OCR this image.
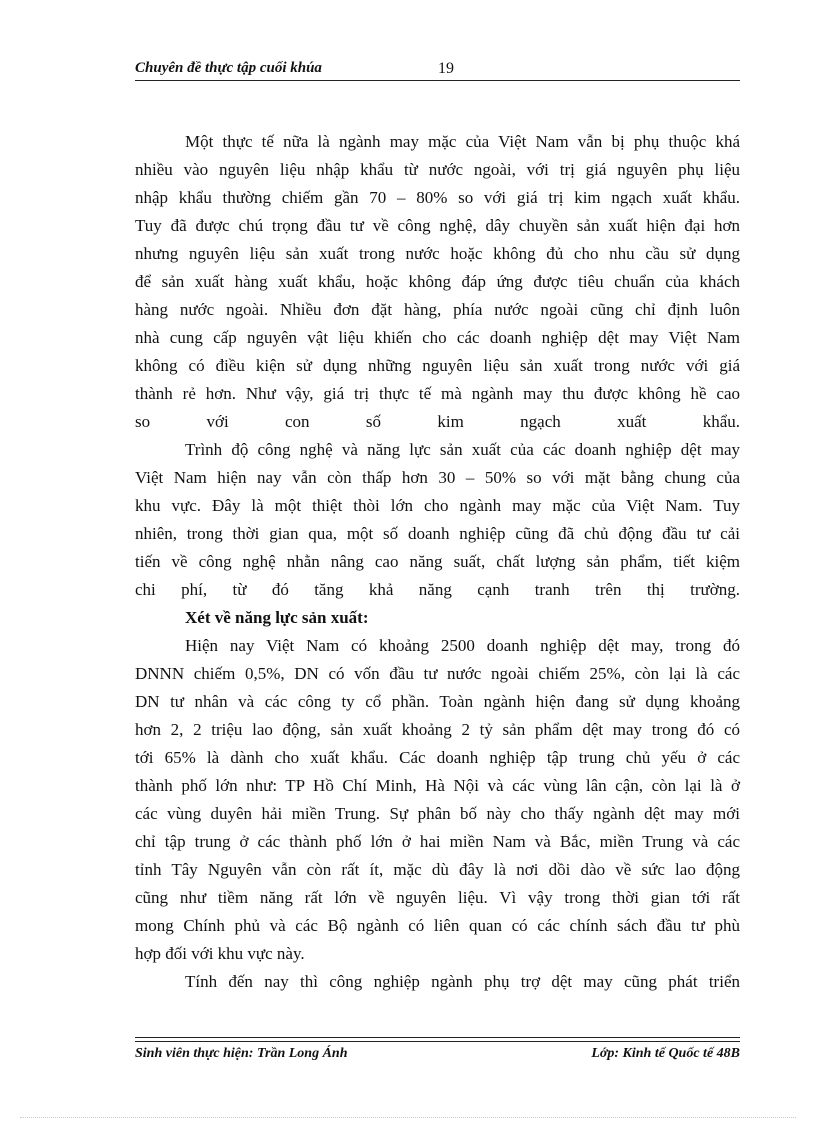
Chuyên đề thực tập cuối khúa	19
Một thực tế nữa là ngành may mặc của Việt Nam vẫn bị phụ thuộc khá
nhiều vào nguyên liệu nhập khẩu từ nước ngoài, với trị giá nguyên phụ liệu
nhập khẩu thường chiếm gần 70 – 80% so với giá trị kim ngạch xuất khẩu.
Tuy đã được chú trọng đầu tư về công nghệ, dây chuyền sản xuất hiện đại hơn
nhưng nguyên liệu sản xuất trong nước hoặc không đủ cho nhu cầu sử dụng
để sản xuất hàng xuất khẩu, hoặc không đáp ứng được tiêu chuẩn của khách
hàng nước ngoài. Nhiều đơn đặt hàng, phía nước ngoài cũng chỉ định luôn
nhà cung cấp nguyên vật liệu khiến cho các doanh nghiệp dệt may Việt Nam
không có điều kiện sử dụng những nguyên liệu sản xuất trong nước với giá
thành rẻ hơn. Như vậy, giá trị thực tế mà ngành may thu được không hề cao
so với con số kim ngạch xuất khẩu.
Trình độ công nghệ và năng lực sản xuất của các doanh nghiệp dệt may
Việt Nam hiện nay vẫn còn thấp hơn 30 – 50% so với mặt bằng chung của
khu vực. Đây là một thiệt thòi lớn cho ngành may mặc của Việt Nam. Tuy
nhiên, trong thời gian qua, một số doanh nghiệp cũng đã chủ động đầu tư cải
tiến về công nghệ nhằn nâng cao năng suất, chất lượng sản phẩm, tiết kiệm
chi phí, từ đó tăng khả năng cạnh tranh trên thị trường.
Xét về năng lực sản xuất:
Hiện nay Việt Nam có khoảng 2500 doanh nghiệp dệt may, trong đó
DNNN chiếm 0,5%, DN có vốn đầu tư nước ngoài chiếm 25%, còn lại là các
DN tư nhân và các công ty cổ phần. Toàn ngành hiện đang sử dụng khoảng
hơn 2, 2 triệu lao động, sản xuất khoảng 2 tỷ sản phẩm dệt may trong đó có
tới 65% là dành cho xuất khẩu. Các doanh nghiệp tập trung chủ yếu ở các
thành phố lớn như: TP Hồ Chí Minh, Hà Nội và các vùng lân cận, còn lại là ở
các vùng duyên hải miền Trung. Sự phân bố này cho thấy ngành dệt may mới
chỉ tập trung ở các thành phố lớn ở hai miền Nam và Bắc, miền Trung và các
tỉnh Tây Nguyên vẫn còn rất ít, mặc dù đây là nơi dồi dào về sức lao động
cũng như tiềm năng rất lớn về nguyên liệu. Vì vậy trong thời gian tới rất
mong Chính phủ và các Bộ ngành có liên quan có các chính sách đầu tư phù
hợp đối với khu vực này.
Tính đến nay thì công nghiệp ngành phụ trợ dệt may cũng phát triển
Sinh viên thực hiện: Trần Long Ánh	Lớp: Kinh tế Quốc tế 48B
